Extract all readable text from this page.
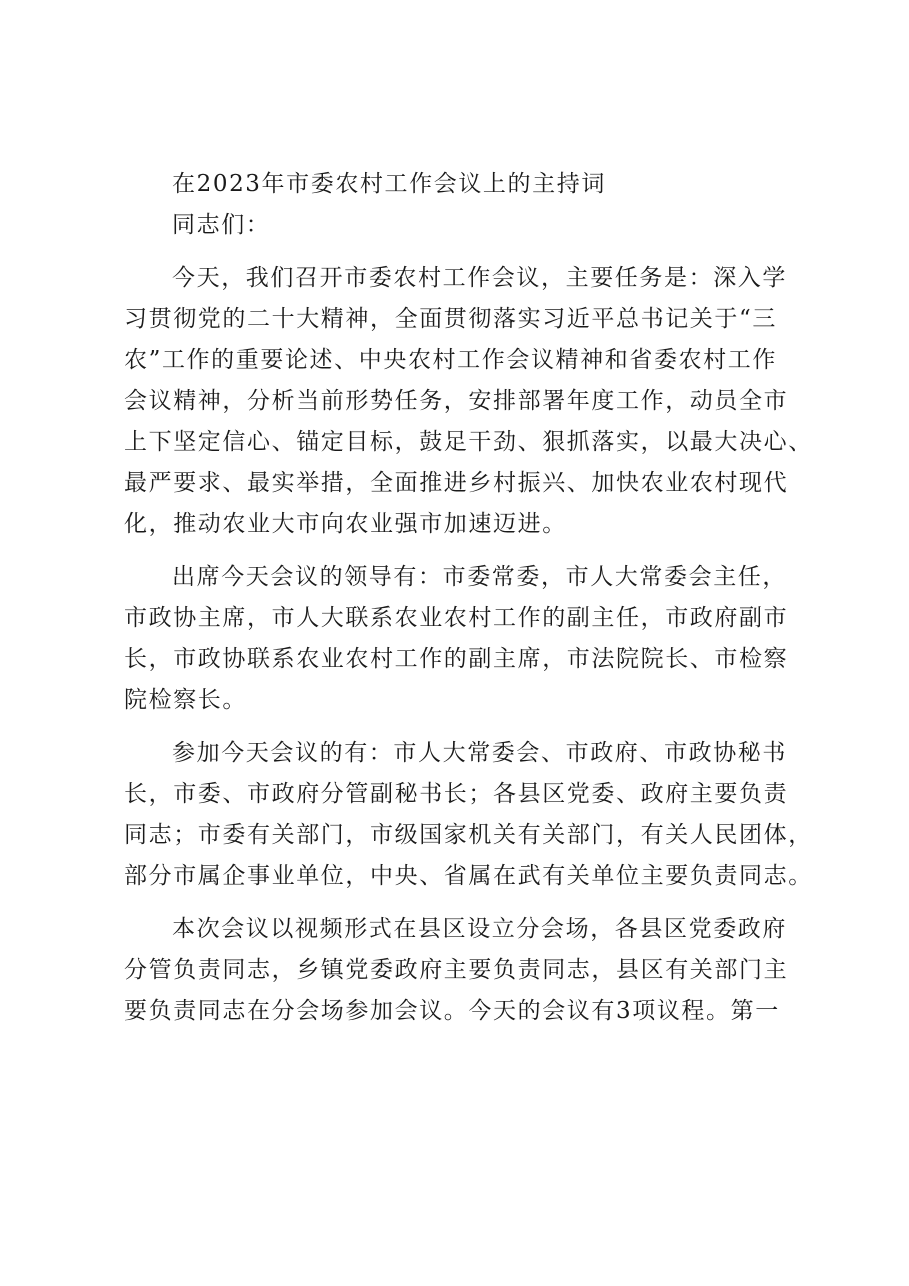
在2023年市委农村工作会议上的主持词
同志们：
今天，我们召开市委农村工作会议，主要任务是：深入学
习贯彻党的二十大精神，全面贯彻落实习近平总书记关于“三
农”工作的重要论述、中央农村工作会议精神和省委农村工作
会议精神，分析当前形势任务，安排部署年度工作，动员全市
上下坚定信心、锚定目标，鼓足干劲、狠抓落实，以最大决心、
最严要求、最实举措，全面推进乡村振兴、加快农业农村现代
化，推动农业大市向农业强市加速迈进。
出席今天会议的领导有：市委常委，市人大常委会主任，
市政协主席，市人大联系农业农村工作的副主任，市政府副市
长，市政协联系农业农村工作的副主席，市法院院长、市检察
院检察长。
参加今天会议的有：市人大常委会、市政府、市政协秘书
长，市委、市政府分管副秘书长；各县区党委、政府主要负责
同志；市委有关部门，市级国家机关有关部门，有关人民团体，
部分市属企事业单位，中央、省属在武有关单位主要负责同志。
本次会议以视频形式在县区设立分会场，各县区党委政府
分管负责同志，乡镇党委政府主要负责同志，县区有关部门主
要负责同志在分会场参加会议。今天的会议有3项议程。第一
